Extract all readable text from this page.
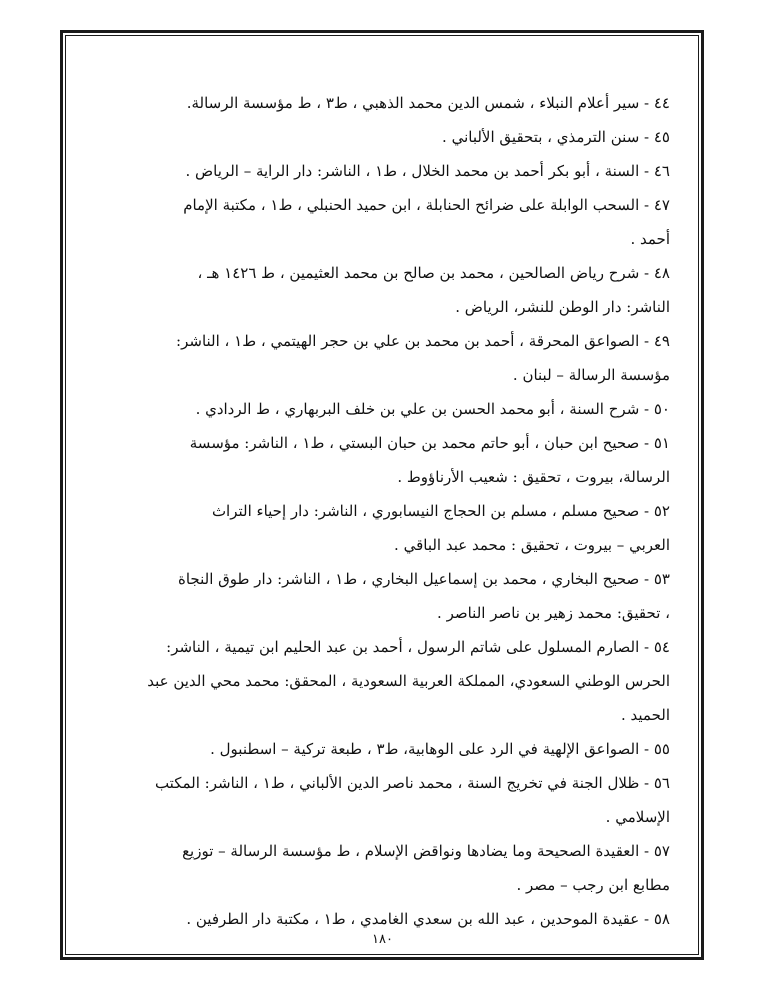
٤٤ - سير أعلام النبلاء ، شمس الدين محمد الذهبي ، ط٣ ، ط مؤسسة الرسالة.
٤٥ - سنن الترمذي ، بتحقيق الألباني .
٤٦ - السنة ، أبو بكر أحمد بن محمد الخلال ، ط١ ، الناشر: دار الراية – الرياض .
٤٧ - السحب الوابلة على ضرائح الحنابلة ، ابن حميد الحنبلي ، ط١ ، مكتبة الإمام
أحمد .
٤٨ - شرح رياض الصالحين ، محمد بن صالح بن محمد العثيمين ، ط ١٤٢٦ هـ ،
الناشر: دار الوطن للنشر، الرياض .
٤٩ - الصواعق المحرقة ، أحمد بن محمد بن علي بن حجر الهيتمي ، ط١ ، الناشر:
مؤسسة الرسالة – لبنان .
٥٠ - شرح السنة ، أبو محمد الحسن بن علي بن خلف البربهاري ، ط الردادي .
٥١ - صحيح ابن حبان ، أبو حاتم محمد بن حبان البستي ، ط١ ، الناشر: مؤسسة
الرسالة، بيروت ، تحقيق : شعيب الأرناؤوط .
٥٢ - صحيح مسلم ، مسلم بن الحجاج النيسابوري ، الناشر: دار إحياء التراث
العربي – بيروت ، تحقيق : محمد عبد الباقي .
٥٣ - صحيح البخاري ، محمد بن إسماعيل البخاري ، ط١ ، الناشر: دار طوق النجاة
، تحقيق: محمد زهير بن ناصر الناصر .
٥٤ - الصارم المسلول على شاتم الرسول ، أحمد بن عبد الحليم ابن تيمية ، الناشر:
الحرس الوطني السعودي، المملكة العربية السعودية ، المحقق: محمد محي الدين عبد
الحميد .
٥٥ - الصواعق الإلهية في الرد على الوهابية، ط٣ ، طبعة تركية – اسطنبول .
٥٦ - ظلال الجنة في تخريج السنة ، محمد ناصر الدين الألباني ، ط١ ، الناشر: المكتب
الإسلامي .
٥٧ - العقيدة الصحيحة وما يضادها ونواقض الإسلام ، ط مؤسسة الرسالة – توزيع
مطابع ابن رجب – مصر .
٥٨ - عقيدة الموحدين ، عبد الله بن سعدي الغامدي ، ط١ ، مكتبة دار الطرفين .
١٨٠
